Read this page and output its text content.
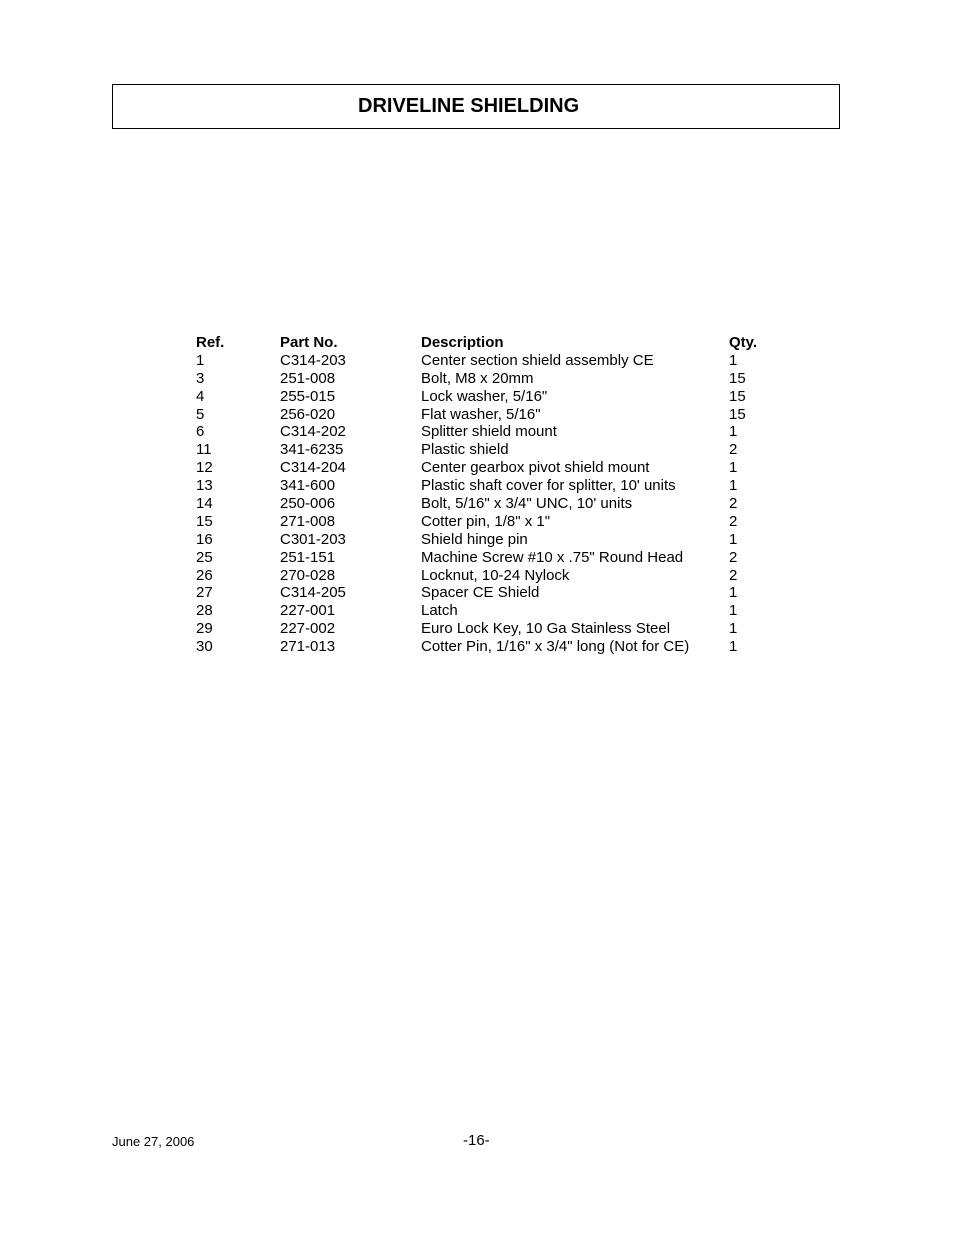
DRIVELINE SHIELDING
Ref.	Part No.	Description	Qty.
1	C314-203	Center section shield assembly CE	1
3	251-008	Bolt, M8 x 20mm	15
4	255-015	Lock washer, 5/16"	15
5	256-020	Flat washer, 5/16"	15
6	C314-202	Splitter shield mount	1
11	341-6235	Plastic shield	2
12	C314-204	Center gearbox pivot shield mount	1
13	341-600	Plastic shaft cover for splitter, 10' units	1
14	250-006	Bolt, 5/16" x 3/4" UNC, 10' units	2
15	271-008	Cotter pin, 1/8" x 1"	2
16	C301-203	Shield hinge pin	1
25	251-151	Machine Screw #10 x .75" Round Head	2
26	270-028	Locknut, 10-24 Nylock	2
27	C314-205	Spacer CE Shield	1
28	227-001	Latch	1
29	227-002	Euro Lock Key, 10 Ga Stainless Steel	1
30	271-013	Cotter Pin, 1/16" x 3/4" long (Not for CE)	1
June 27, 2006	-16-
